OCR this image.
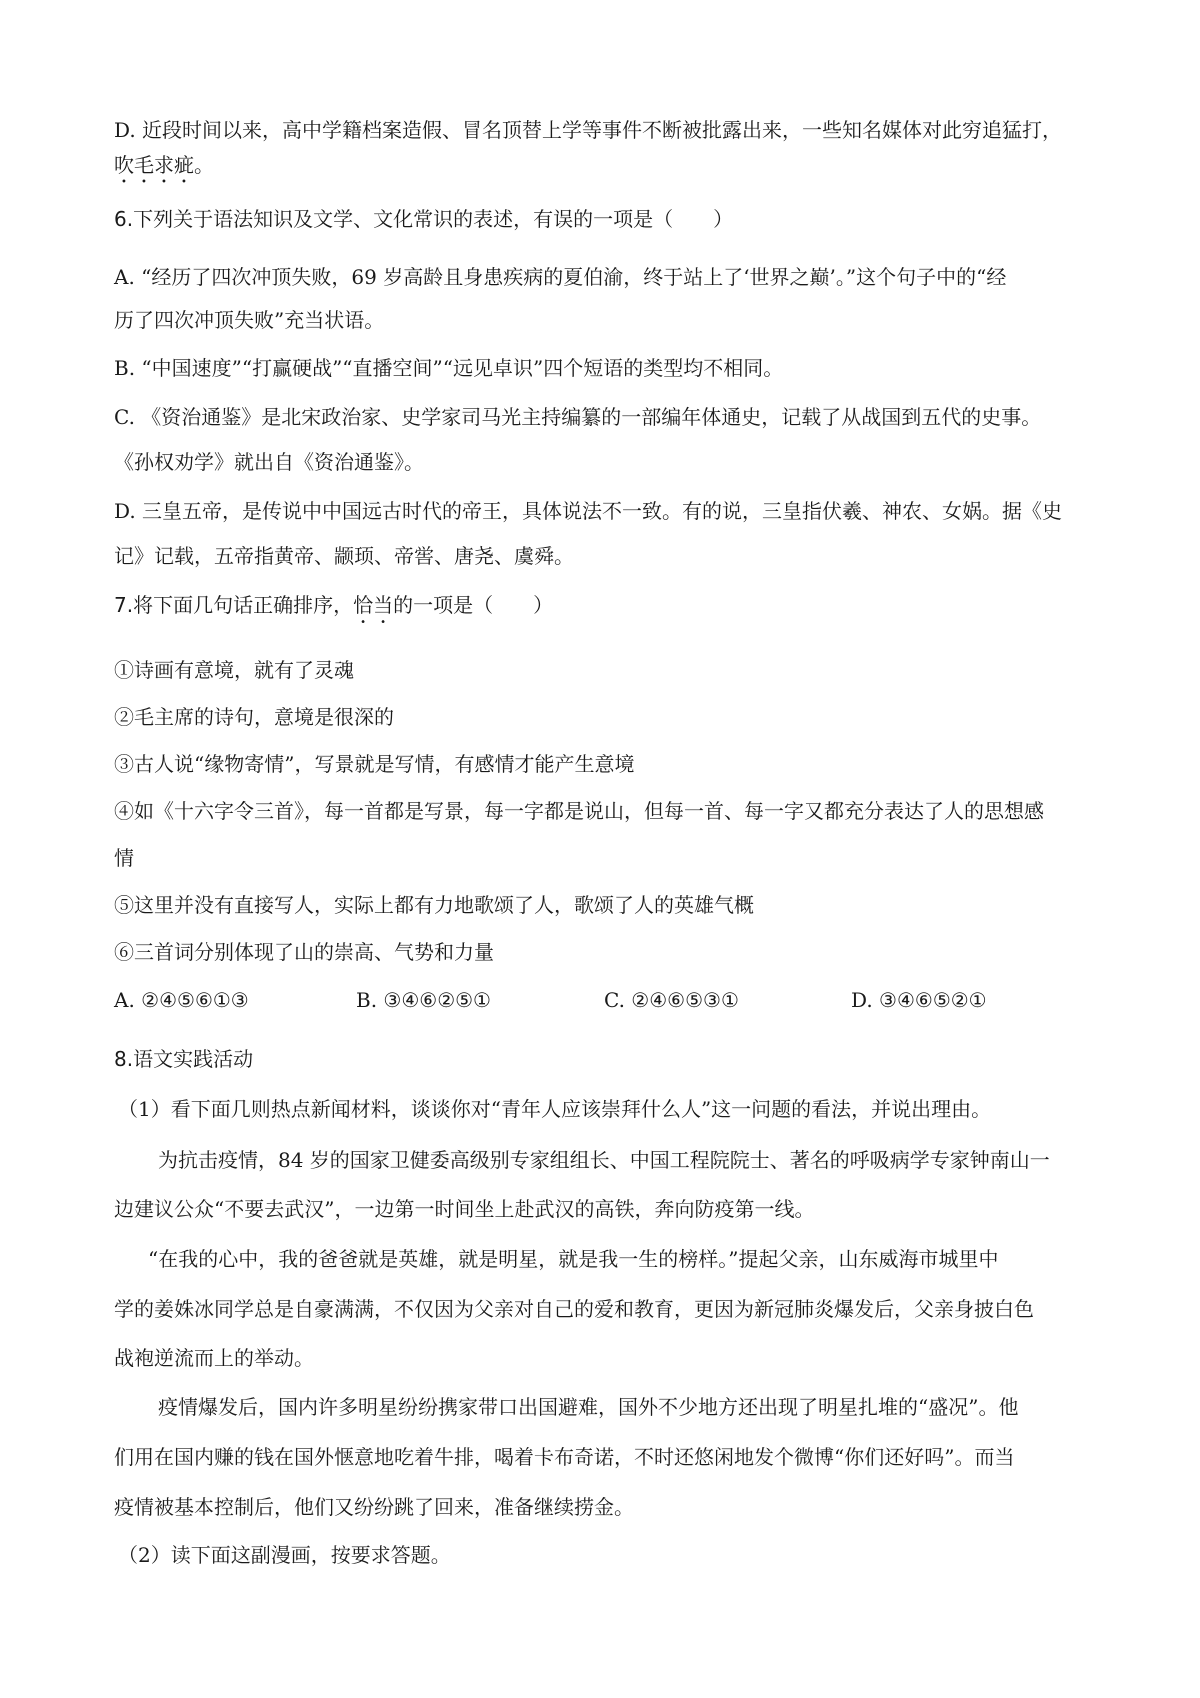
D. 近段时间以来，高中学籍档案造假、冒名顶替上学等事件不断被批露出来，一些知名媒体对此穷追猛打，
吹毛求疵。
6.下列关于语法知识及文学、文化常识的表述，有误的一项是（　　）
A. “经历了四次冲顶失败，69 岁高龄且身患疾病的夏伯渝，终于站上了‘世界之巅’。”这个句子中的“经
历了四次冲顶失败”充当状语。
B. “中国速度”“打赢硬战”“直播空间”“远见卓识”四个短语的类型均不相同。
C. 《资治通鉴》是北宋政治家、史学家司马光主持编纂的一部编年体通史，记载了从战国到五代的史事。
《孙权劝学》就出自《资治通鉴》。
D. 三皇五帝，是传说中中国远古时代的帝王，具体说法不一致。有的说，三皇指伏羲、神农、女娲。据《史
记》记载，五帝指黄帝、颛顼、帝喾、唐尧、虞舜。
7.将下面几句话正确排序，恰当的一项是（　　）
①诗画有意境，就有了灵魂
②毛主席的诗句，意境是很深的
③古人说“缘物寄情”，写景就是写情，有感情才能产生意境
④如《十六字令三首》，每一首都是写景，每一字都是说山，但每一首、每一字又都充分表达了人的思想感
情
⑤这里并没有直接写人，实际上都有力地歌颂了人，歌颂了人的英雄气概
⑥三首词分别体现了山的崇高、气势和力量
A. ②④⑤⑥①③	B. ③④⑥②⑤①	C. ②④⑥⑤③①	D. ③④⑥⑤②①
8.语文实践活动
（1）看下面几则热点新闻材料，谈谈你对“青年人应该崇拜什么人”这一问题的看法，并说出理由。
为抗击疫情，84 岁的国家卫健委高级别专家组组长、中国工程院院士、著名的呼吸病学专家钟南山一
边建议公众“不要去武汉”，一边第一时间坐上赴武汉的高铁，奔向防疫第一线。
“在我的心中，我的爸爸就是英雄，就是明星，就是我一生的榜样。”提起父亲，山东威海市城里中
学的姜姝冰同学总是自豪满满，不仅因为父亲对自己的爱和教育，更因为新冠肺炎爆发后，父亲身披白色
战袍逆流而上的举动。
疫情爆发后，国内许多明星纷纷携家带口出国避难，国外不少地方还出现了明星扎堆的“盛况”。他
们用在国内赚的钱在国外惬意地吃着牛排，喝着卡布奇诺，不时还悠闲地发个微博“你们还好吗”。而当
疫情被基本控制后，他们又纷纷跳了回来，准备继续捞金。
（2）读下面这副漫画，按要求答题。
